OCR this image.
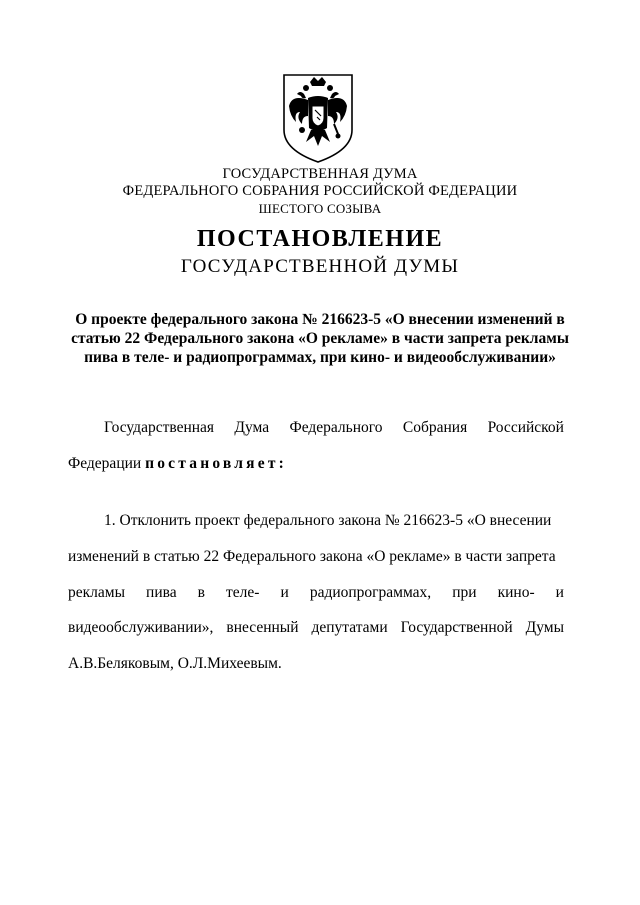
ГОСУДАРСТВЕННАЯ ДУМА
ФЕДЕРАЛЬНОГО СОБРАНИЯ РОССИЙСКОЙ ФЕДЕРАЦИИ
ШЕСТОГО СОЗЫВА
ПОСТАНОВЛЕНИЕ
ГОСУДАРСТВЕННОЙ ДУМЫ
О проекте федерального закона № 216623-5 «О внесении изменений в
статью 22 Федерального закона «О рекламе» в части запрета рекламы
пива в теле- и радиопрограммах, при кино- и видеообслуживании»
Государственная Дума Федерального Собрания Российской
Федерации постановляет:
1. Отклонить проект федерального закона № 216623-5 «О внесении
изменений в статью 22 Федерального закона «О рекламе» в части запрета
рекламы пива в теле- и радиопрограммах, при кино- и
видеообслуживании», внесенный депутатами Государственной Думы
А.В.Беляковым, О.Л.Михеевым.
